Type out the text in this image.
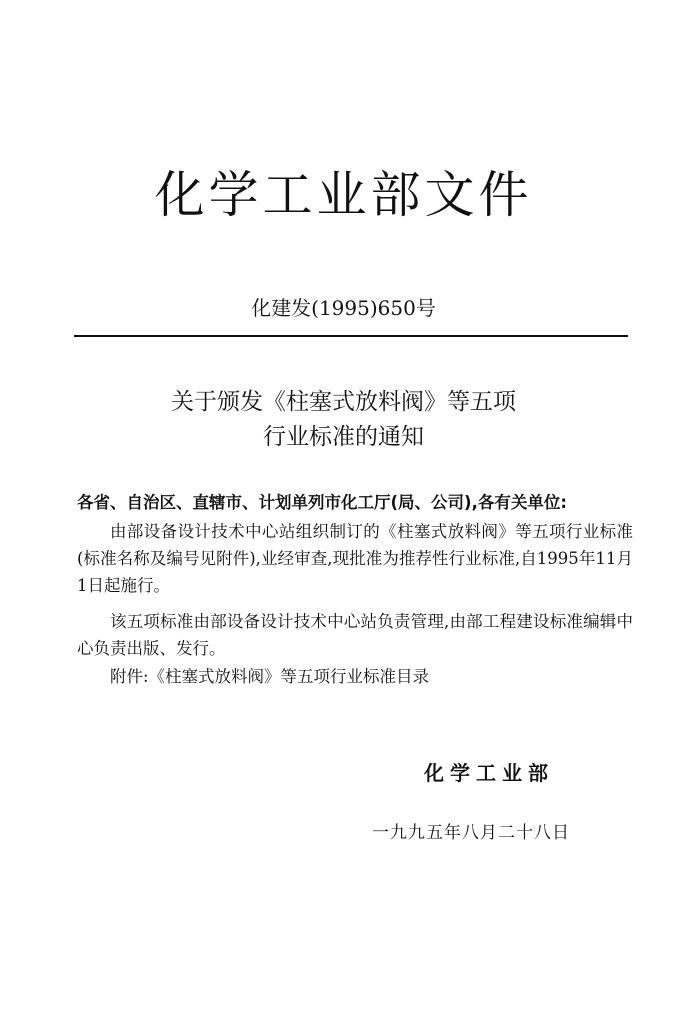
化学工业部文件
化建发(1995)650号
关于颁发《柱塞式放料阀》等五项
行业标准的通知
各省、自治区、直辖市、计划单列市化工厅(局、公司),各有关单位:
由部设备设计技术中心站组织制订的《柱塞式放料阀》等五项行业标准(标准名称及编号见附件),业经审查,现批准为推荐性行业标准,自1995年11月1日起施行。
该五项标准由部设备设计技术中心站负责管理,由部工程建设标准编辑中心负责出版、发行。
附件:《柱塞式放料阀》等五项行业标准目录
化学工业部
一九九五年八月二十八日
